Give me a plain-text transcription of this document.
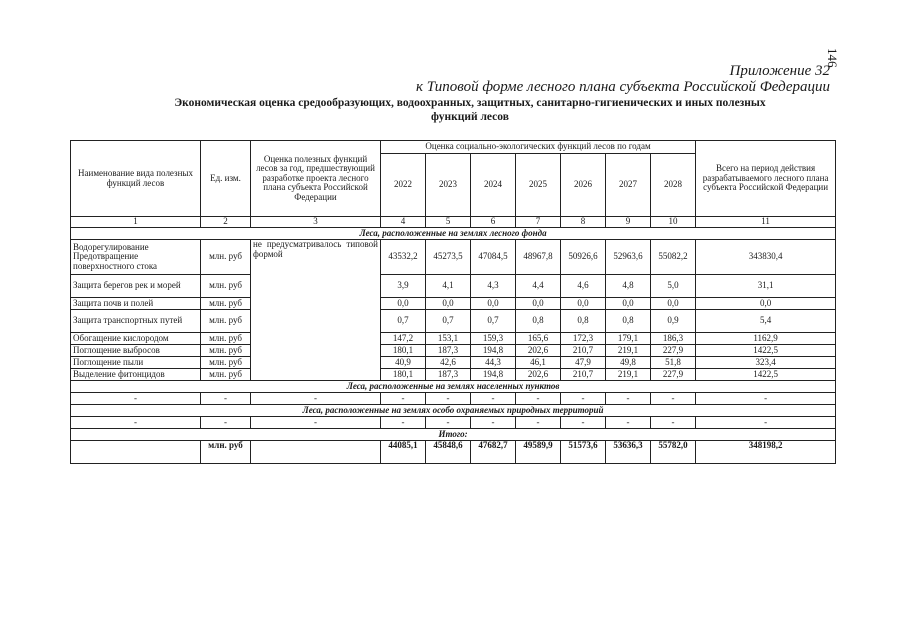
146
Приложение 32
к Типовой форме лесного плана субъекта Российской Федерации
Экономическая оценка средообразующих, водоохранных, защитных, санитарно-гигиенических и иных полезных
функций лесов
Наименование вида полезных функций лесов	Ед. изм.	Оценка полезных функций лесов за год, предшествующий разработке проекта лесного плана субъекта Российской Федерации	Оценка социально-экологических функций лесов по годам							Всего на период действия разрабатываемого лесного плана субъекта Российской Федерации
			2022	2023	2024	2025	2026	2027	2028	
1	2	3	4	5	6	7	8	9	10	11
Леса, расположенные на землях лесного фонда										
Водорегулирование Предотвращение поверхностного стока	млн. руб	не предусматривалось типовой формой	43532,2	45273,5	47084,5	48967,8	50926,6	52963,6	55082,2	343830,4
Защита берегов рек и морей	млн. руб		3,9	4,1	4,3	4,4	4,6	4,8	5,0	31,1
Защита почв и полей	млн. руб		0,0	0,0	0,0	0,0	0,0	0,0	0,0	0,0
Защита транспортных путей	млн. руб		0,7	0,7	0,7	0,8	0,8	0,8	0,9	5,4
Обогащение кислородом	млн. руб		147,2	153,1	159,3	165,6	172,3	179,1	186,3	1162,9
Поглощение выбросов	млн. руб		180,1	187,3	194,8	202,6	210,7	219,1	227,9	1422,5
Поглощение пыли	млн. руб		40,9	42,6	44,3	46,1	47,9	49,8	51,8	323,4
Выделение фитонцидов	млн. руб		180,1	187,3	194,8	202,6	210,7	219,1	227,9	1422,5
Леса, расположенные на землях населенных пунктов										
-	-	-	-	-	-	-	-	-	-	-
Леса, расположенные на землях особо охраняемых природных территорий										
-	-	-	-	-	-	-	-	-	-	-
Итого:										
	млн. руб		44085,1	45848,6	47682,7	49589,9	51573,6	53636,3	55782,0	348198,2
